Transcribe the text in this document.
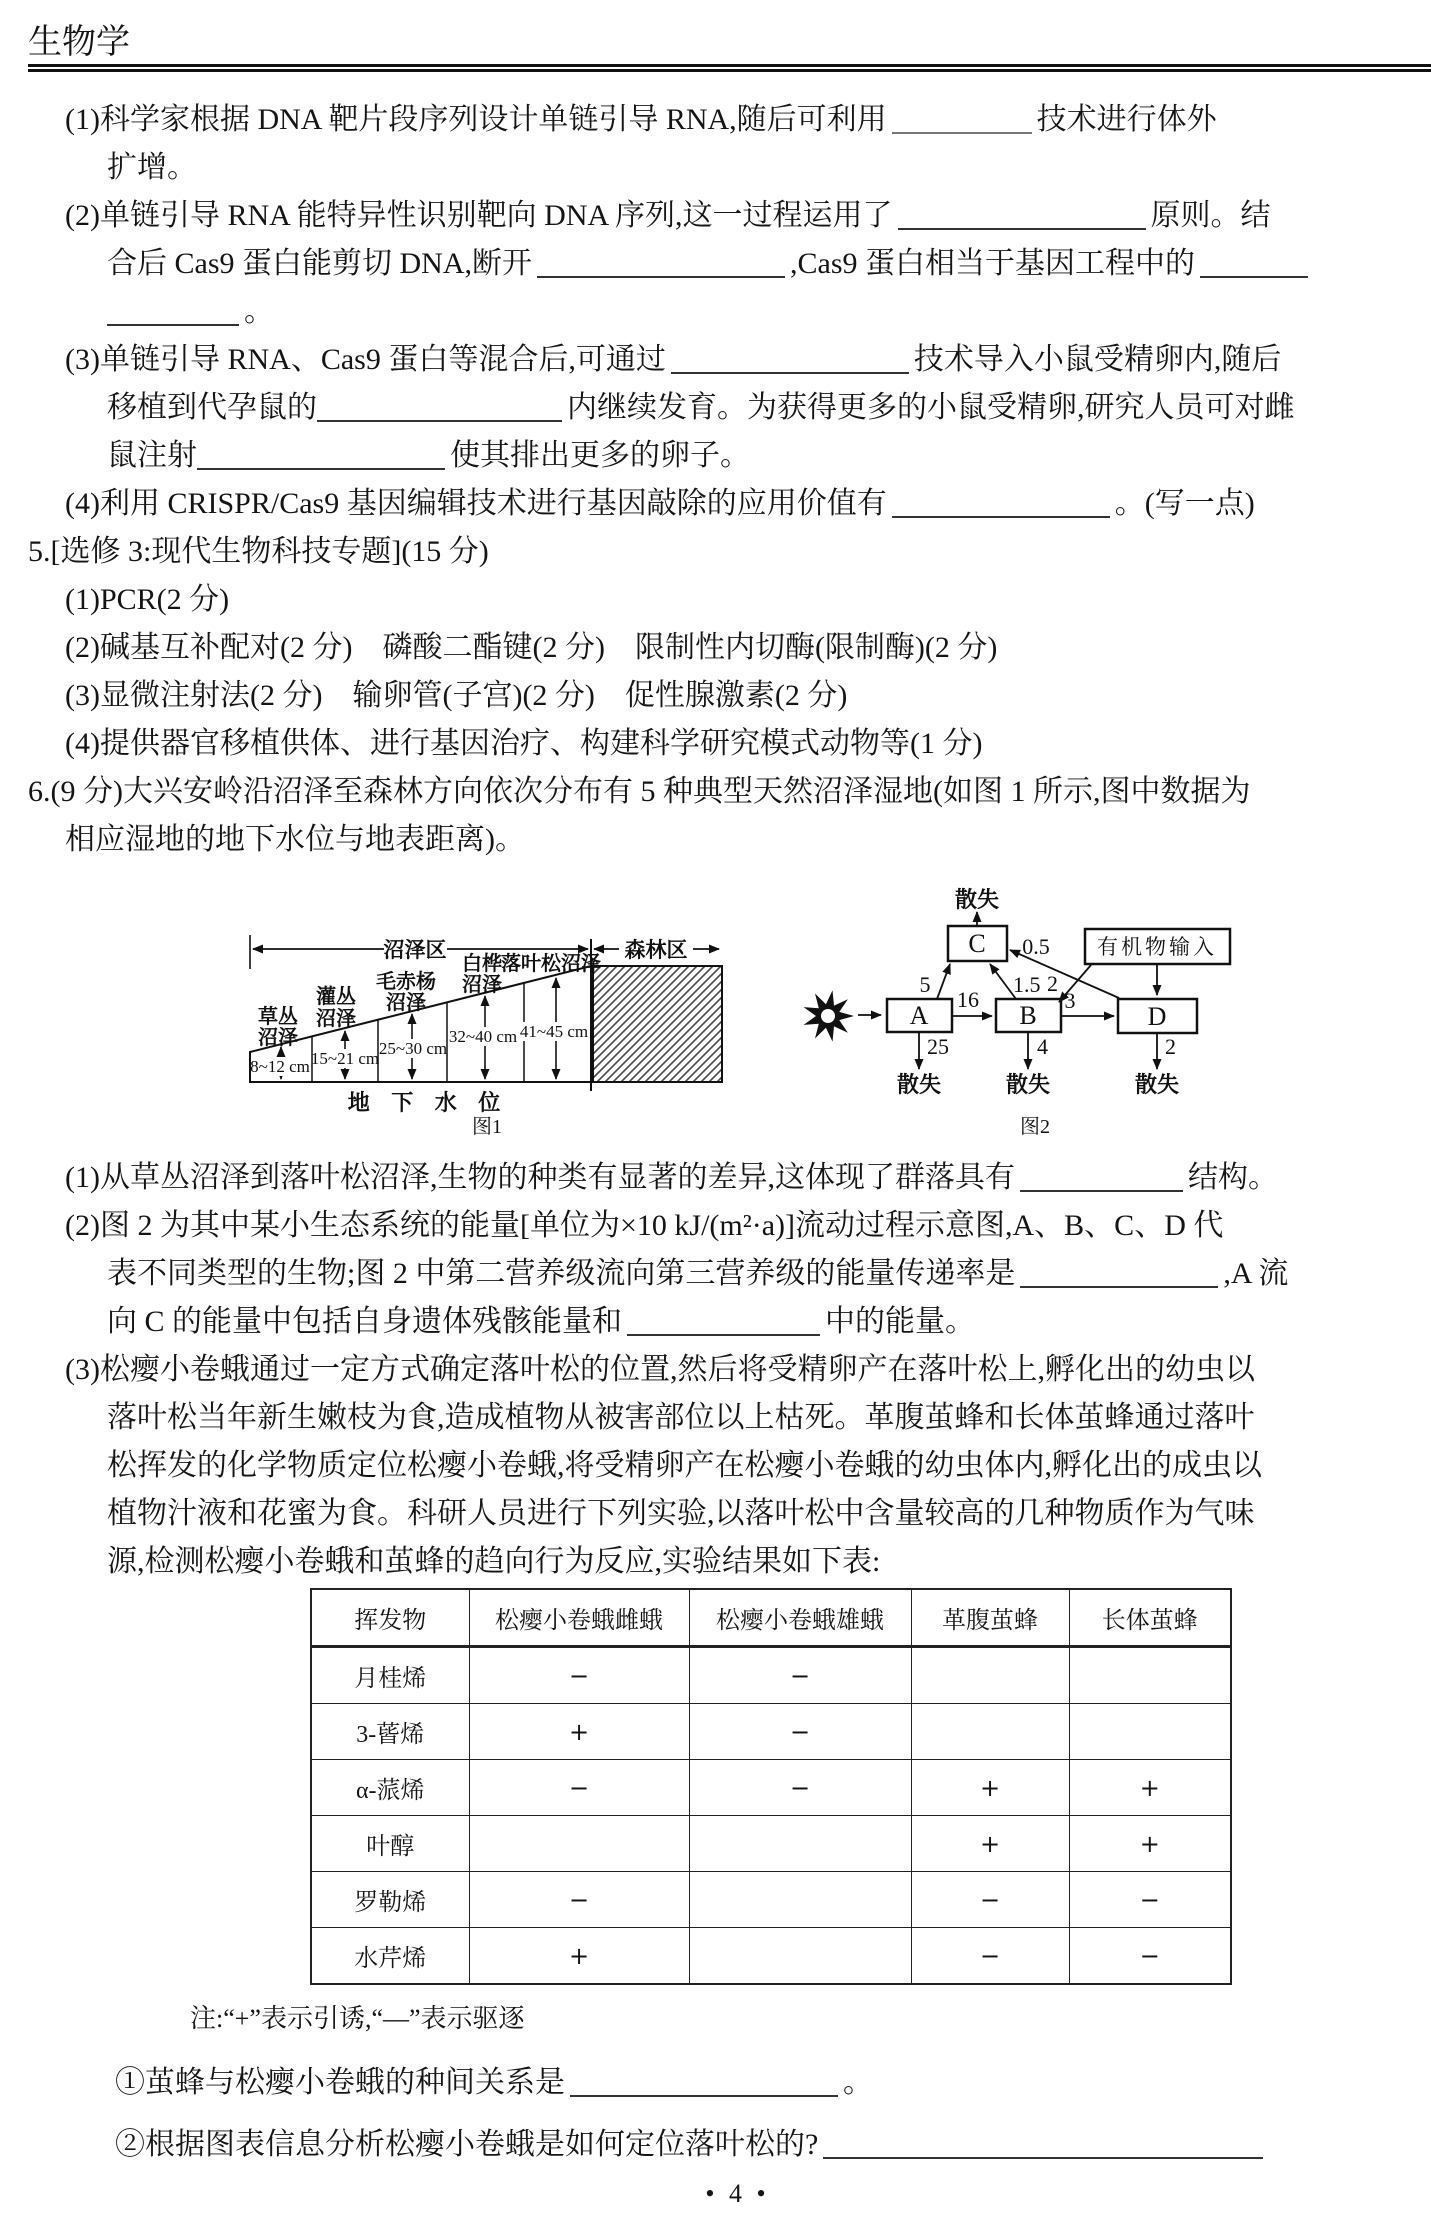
生物学
(1)科学家根据 DNA 靶片段序列设计单链引导 RNA,随后可利用	技术进行体外
扩增。
(2)单链引导 RNA 能特异性识别靶向 DNA 序列,这一过程运用了	原则。结
合后 Cas9 蛋白能剪切 DNA,断开	,Cas9 蛋白相当于基因工程中的
。
(3)单链引导 RNA、Cas9 蛋白等混合后,可通过	技术导入小鼠受精卵内,随后
移植到代孕鼠的	内继续发育。为获得更多的小鼠受精卵,研究人员可对雌
鼠注射	使其排出更多的卵子。
(4)利用 CRISPR/Cas9 基因编辑技术进行基因敲除的应用价值有	。(写一点)
5.[选修 3:现代生物科技专题](15 分)
(1)PCR(2 分)
(2)碱基互补配对(2 分)　磷酸二酯键(2 分)　限制性内切酶(限制酶)(2 分)
(3)显微注射法(2 分)　输卵管(子宫)(2 分)　促性腺激素(2 分)
(4)提供器官移植供体、进行基因治疗、构建科学研究模式动物等(1 分)
6.(9 分)大兴安岭沿沼泽至森林方向依次分布有 5 种典型天然沼泽湿地(如图 1 所示,图中数据为
相应湿地的地下水位与地表距离)。
沼泽区	森林区
8~12 cm 15~21 cm
25~30 cm
32~40 cm 41~45 cm
草丛
沼泽
灌丛
沼泽
毛赤杨
沼泽
白桦
沼泽
落叶松沼泽
地 下 水 位
图1
A	B
C
D
有机物输入
16
5
25
1.5
3
4
0.5
2
2
散失
散失	散失	散失
图2
(1)从草丛沼泽到落叶松沼泽,生物的种类有显著的差异,这体现了群落具有	结构。
(2)图 2 为其中某小生态系统的能量[单位为×10 kJ/(m²·a)]流动过程示意图,A、B、C、D 代
表不同类型的生物;图 2 中第二营养级流向第三营养级的能量传递率是	,A 流
向 C 的能量中包括自身遗体残骸能量和	中的能量。
(3)松瘿小卷蛾通过一定方式确定落叶松的位置,然后将受精卵产在落叶松上,孵化出的幼虫以
落叶松当年新生嫩枝为食,造成植物从被害部位以上枯死。革腹茧蜂和长体茧蜂通过落叶
松挥发的化学物质定位松瘿小卷蛾,将受精卵产在松瘿小卷蛾的幼虫体内,孵化出的成虫以
植物汁液和花蜜为食。科研人员进行下列实验,以落叶松中含量较高的几种物质作为气味
源,检测松瘿小卷蛾和茧蜂的趋向行为反应,实验结果如下表:
挥发物	松瘿小卷蛾雌蛾	松瘿小卷蛾雄蛾	革腹茧蜂	长体茧蜂
月桂烯	−	−		
3-蒈烯	+	−		
α-蒎烯	−	−	+	+
叶醇			+	+
罗勒烯	−		−	−
水芹烯	+		−	−
注:“+”表示引诱,“—”表示驱逐
①茧蜂与松瘿小卷蛾的种间关系是	。
②根据图表信息分析松瘿小卷蛾是如何定位落叶松的?
• 4 •
